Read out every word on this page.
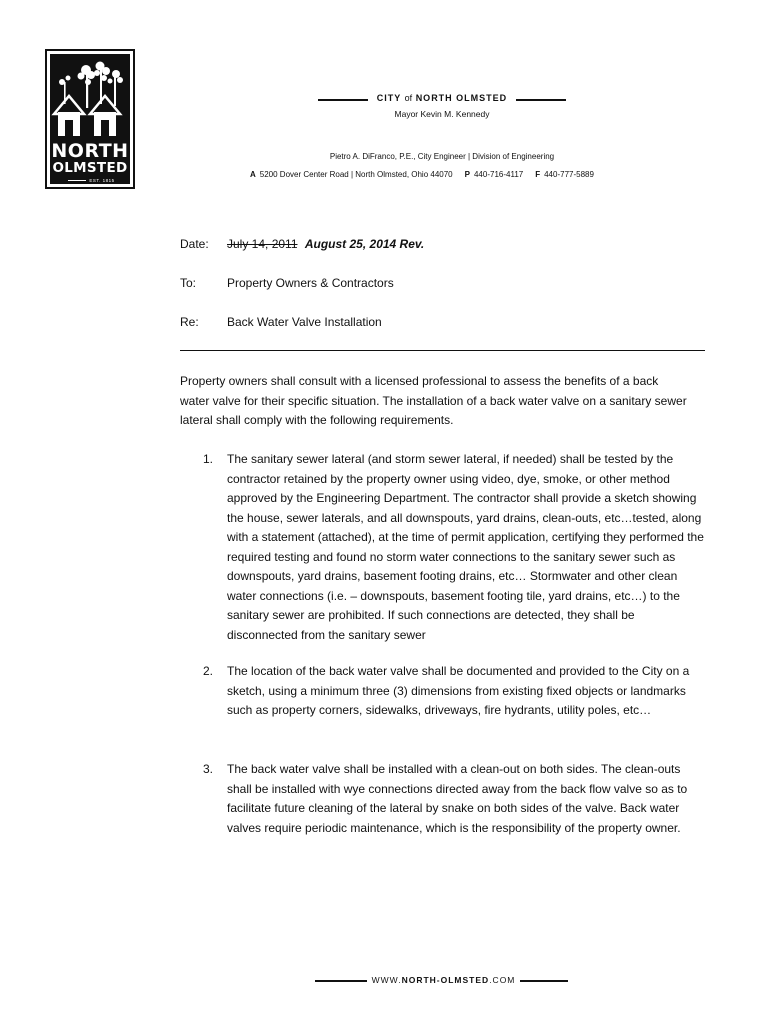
NORTH
OLMSTED
EST. 1815
CITY of NORTH OLMSTED
Mayor Kevin M. Kennedy
Pietro A. DiFranco, P.E., City Engineer | Division of Engineering
A 5200 Dover Center Road | North Olmsted, Ohio 44070 P 440-716-4117 F 440-777-5889
Date: July 14, 2011 August 25, 2014 Rev.
To:	Property Owners & Contractors
Re: Back Water Valve Installation

Property owners shall consult with a licensed professional to assess the benefits of a back water valve for their specific situation. The installation of a back water valve on a sanitary sewer lateral shall comply with the following requirements.

1. The sanitary sewer lateral (and storm sewer lateral, if needed) shall be tested by the contractor retained by the property owner using video, dye, smoke, or other method approved by the Engineering Department. The contractor shall provide a sketch showing the house, sewer laterals, and all downspouts, yard drains, clean-outs, etc…tested, along with a statement (attached), at the time of permit application, certifying they performed the required testing and found no storm water connections to the sanitary sewer such as downspouts, yard drains, basement footing drains, etc… Stormwater and other clean water connections (i.e. – downspouts, basement footing tile, yard drains, etc…) to the sanitary sewer are prohibited. If such connections are detected, they shall be disconnected from the sanitary sewer

2. The location of the back water valve shall be documented and provided to the City on a sketch, using a minimum three (3) dimensions from existing fixed objects or landmarks such as property corners, sidewalks, driveways, fire hydrants, utility poles, etc…

3. The back water valve shall be installed with a clean-out on both sides. The clean-outs shall be installed with wye connections directed away from the back flow valve so as to facilitate future cleaning of the lateral by snake on both sides of the valve. Back water valves require periodic maintenance, which is the responsibility of the property owner.

WWW.NORTH-OLMSTED.COM
